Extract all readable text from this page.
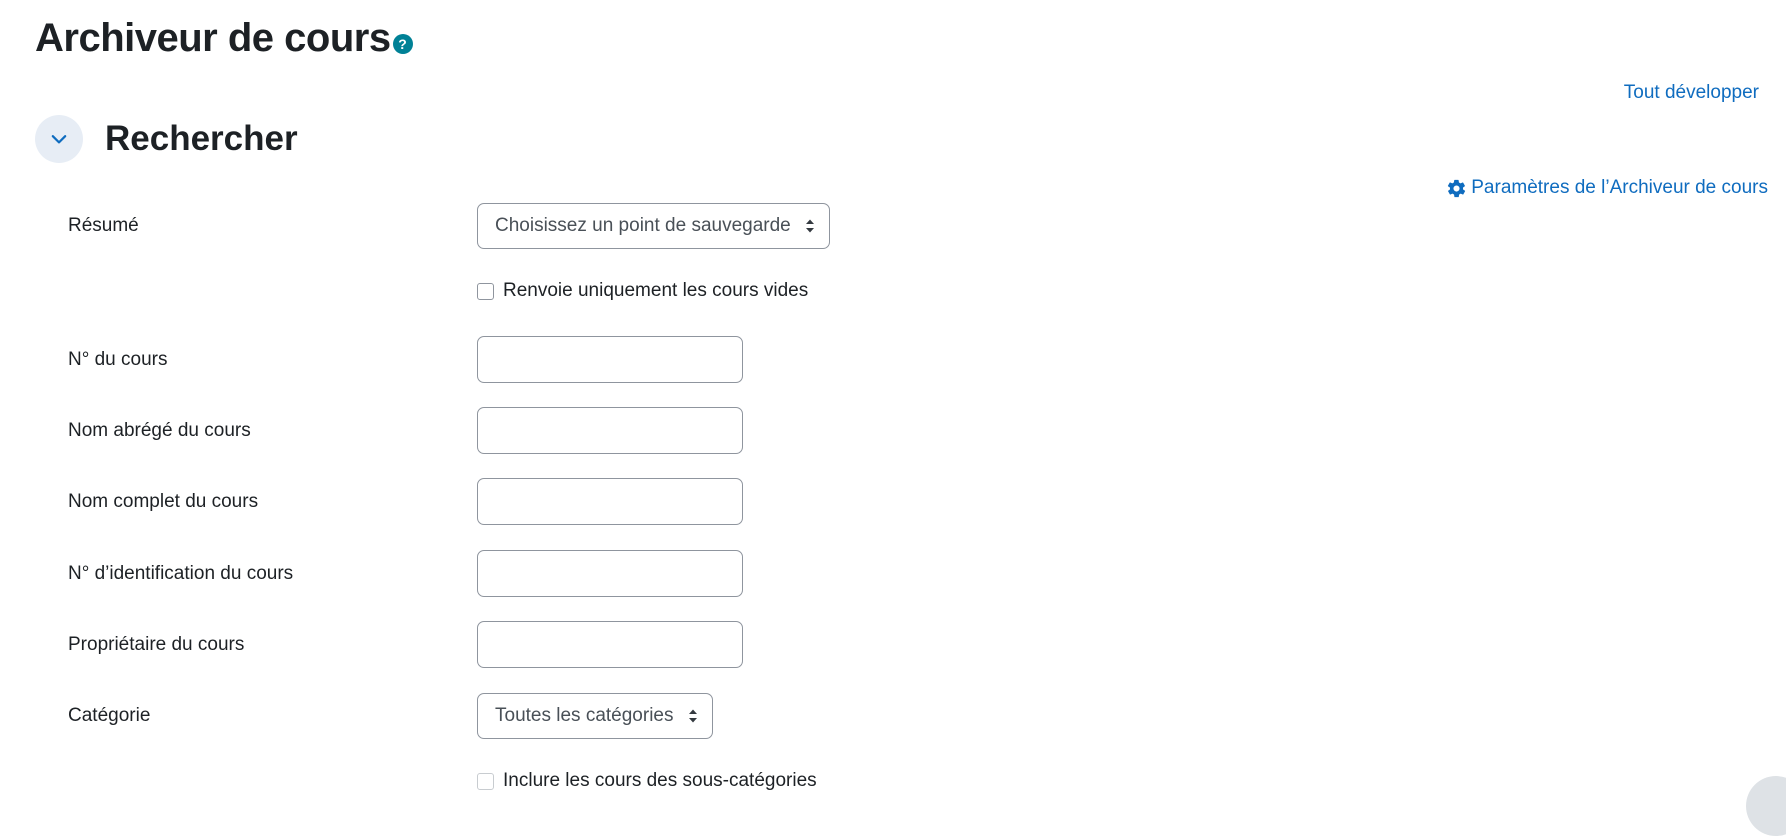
Archiveur de cours ?
Tout développer
Rechercher
Paramètres de l’Archiveur de cours
Résumé	Choisissez un point de sauvegarde
Renvoie uniquement les cours vides
N° du cours
Nom abrégé du cours
Nom complet du cours
N° d’identification du cours
Propriétaire du cours
Catégorie	Toutes les catégories
Inclure les cours des sous-catégories
